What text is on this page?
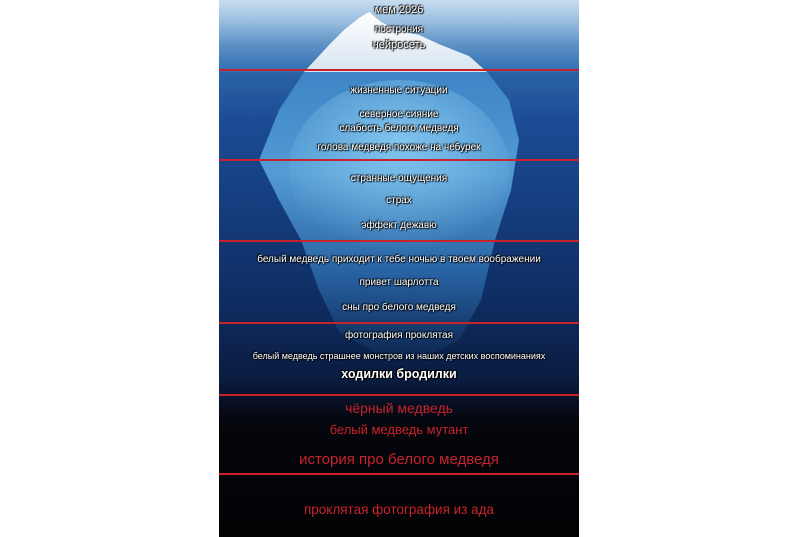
мем 2026
построния
нейросеть
жизненные ситуации
северное сияние
слабость белого медведя
голова медведя похоже на чебурек
странные ощущения
страх
эффект дежавю
белый медведь приходит к тебе ночью в твоем воображении
привет шарлотта
сны про белого медведя
фотография проклятая
белый медведь страшнее монстров из наших детских воспоминаниях
ходилки бродилки
чёрный медведь
белый медведь мутант
история про белого медведя
проклятая фотография из ада
